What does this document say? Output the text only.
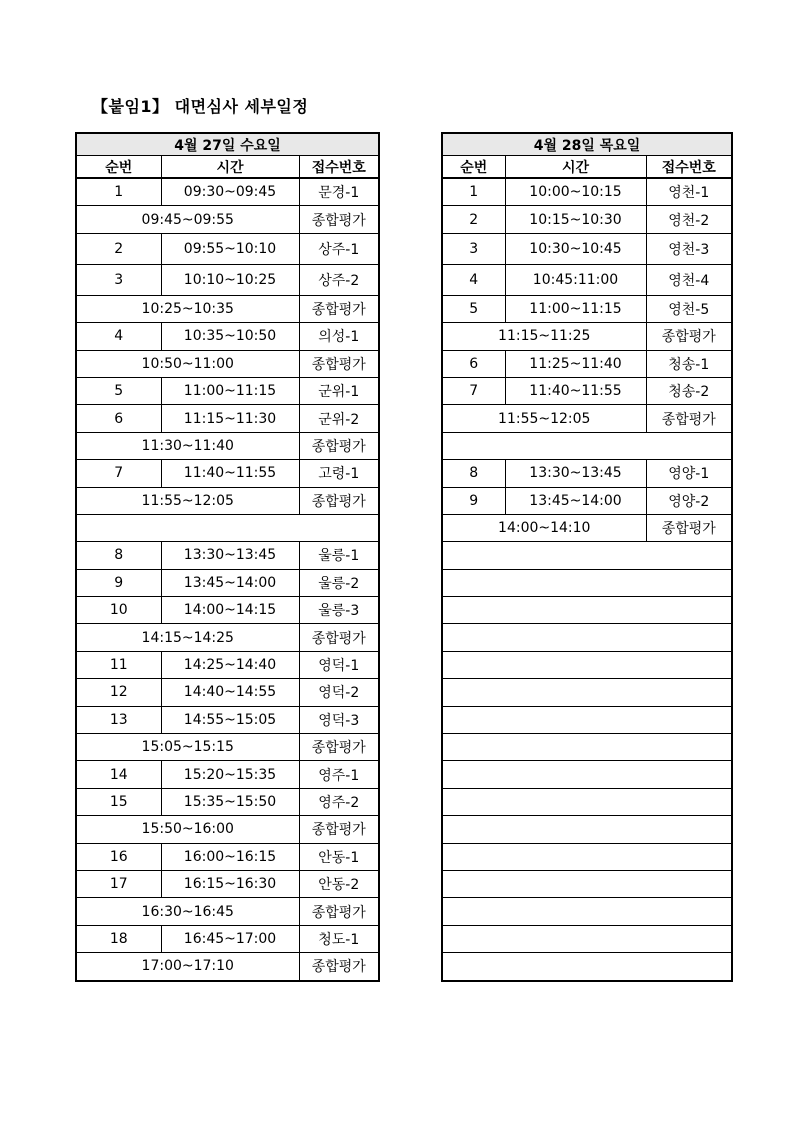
【붙임1】 대면심사 세부일정
4월 27일 수요일		
순번	시간	접수번호
1	09:30~09:45	문경-1
09:45~09:55		종합평가
2	09:55~10:10	상주-1
3	10:10~10:25	상주-2
10:25~10:35		종합평가
4	10:35~10:50	의성-1
10:50~11:00		종합평가
5	11:00~11:15	군위-1
6	11:15~11:30	군위-2
11:30~11:40		종합평가
7	11:40~11:55	고령-1
11:55~12:05		종합평가

8	13:30~13:45	울릉-1
9	13:45~14:00	울릉-2
10	14:00~14:15	울릉-3
14:15~14:25		종합평가
11	14:25~14:40	영덕-1
12	14:40~14:55	영덕-2
13	14:55~15:05	영덕-3
15:05~15:15		종합평가
14	15:20~15:35	영주-1
15	15:35~15:50	영주-2
15:50~16:00		종합평가
16	16:00~16:15	안동-1
17	16:15~16:30	안동-2
16:30~16:45		종합평가
18	16:45~17:00	청도-1
17:00~17:10		종합평가
4월 28일 목요일		
순번	시간	접수번호
1	10:00~10:15	영천-1
2	10:15~10:30	영천-2
3	10:30~10:45	영천-3
4	10:45:11:00	영천-4
5	11:00~11:15	영천-5
11:15~11:25		종합평가
6	11:25~11:40	청송-1
7	11:40~11:55	청송-2
11:55~12:05		종합평가

8	13:30~13:45	영양-1
9	13:45~14:00	영양-2
14:00~14:10		종합평가
